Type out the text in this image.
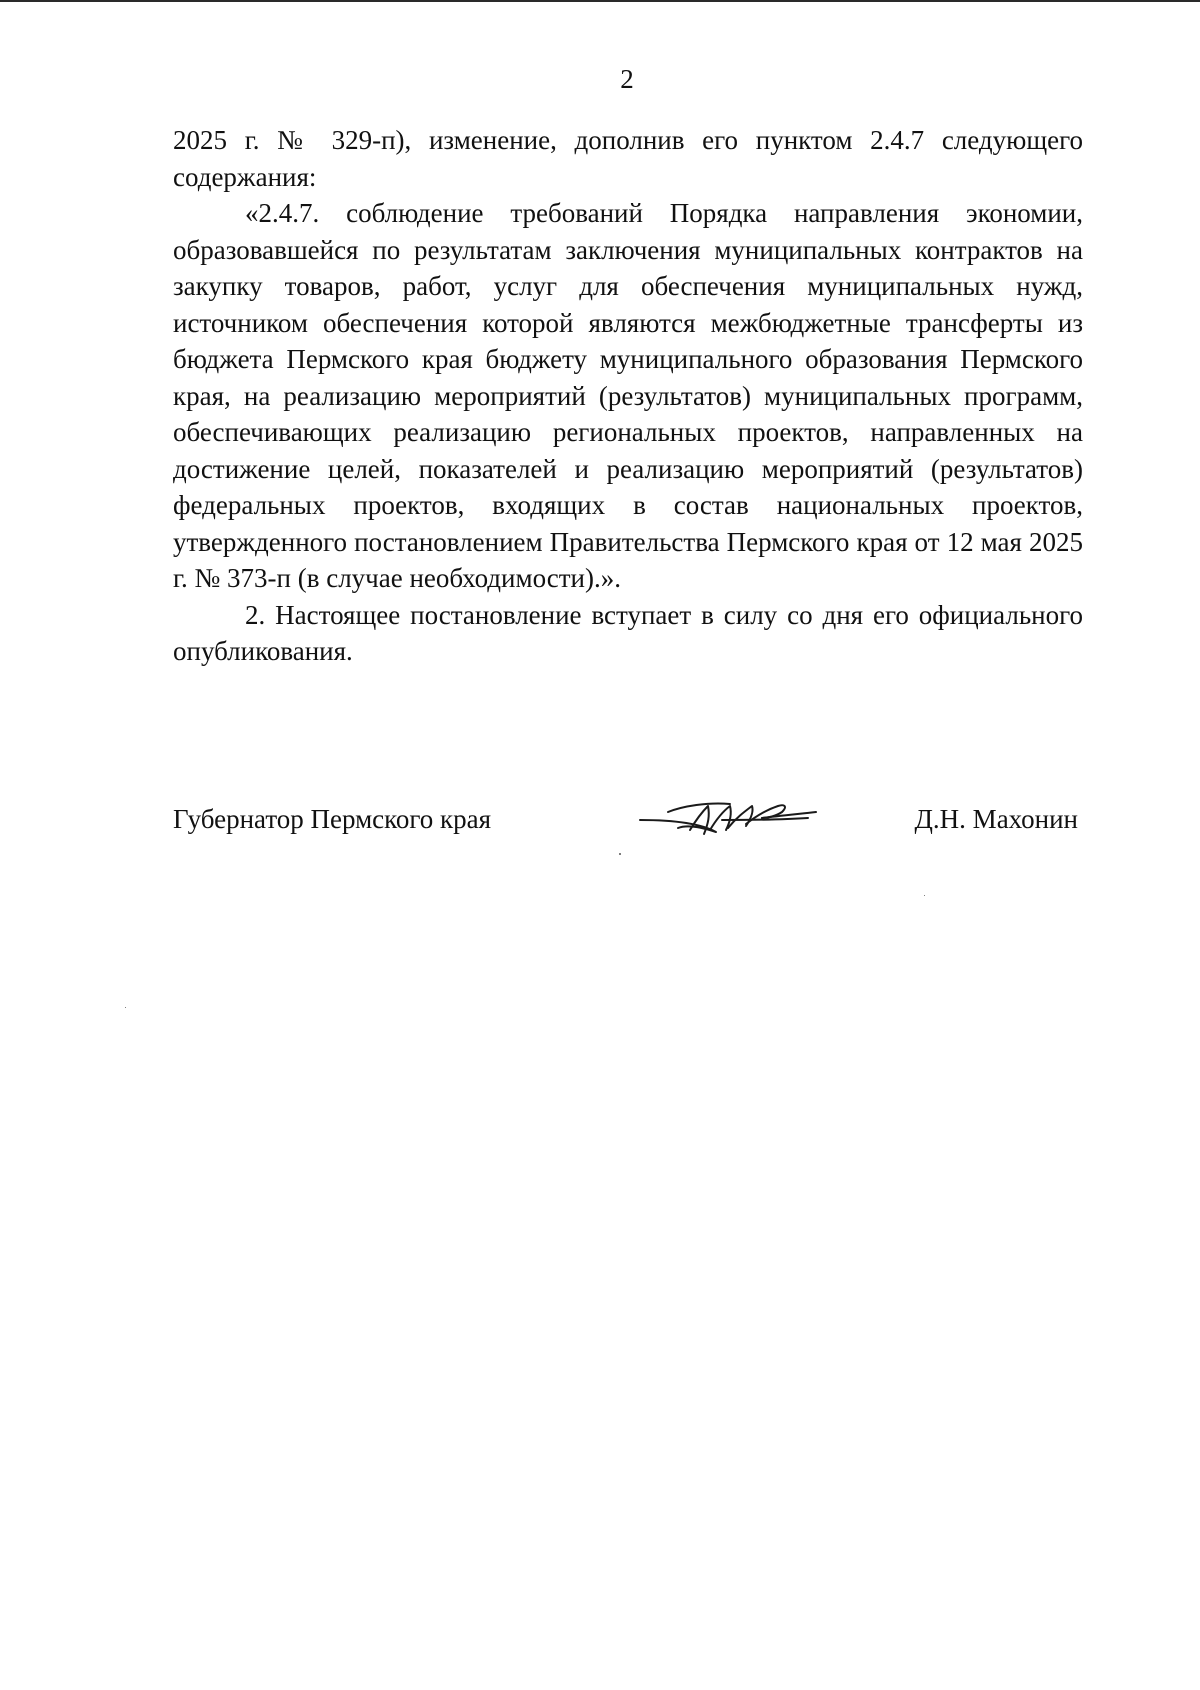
2

2025 г. № 329-п), изменение, дополнив его пунктом 2.4.7 следующего содержания:

«2.4.7. соблюдение требований Порядка направления экономии, образовавшейся по результатам заключения муниципальных контрактов на закупку товаров, работ, услуг для обеспечения муниципальных нужд, источником обеспечения которой являются межбюджетные трансферты из бюджета Пермского края бюджету муниципального образования Пермского края, на реализацию мероприятий (результатов) муниципальных программ, обеспечивающих реализацию региональных проектов, направленных на достижение целей, показателей и реализацию мероприятий (результатов) федеральных проектов, входящих в состав национальных проектов, утвержденного постановлением Правительства Пермского края от 12 мая 2025 г. № 373-п (в случае необходимости).».

2. Настоящее постановление вступает в силу со дня его официального опубликования.

Губернатор Пермского края	Д.Н. Махонин
